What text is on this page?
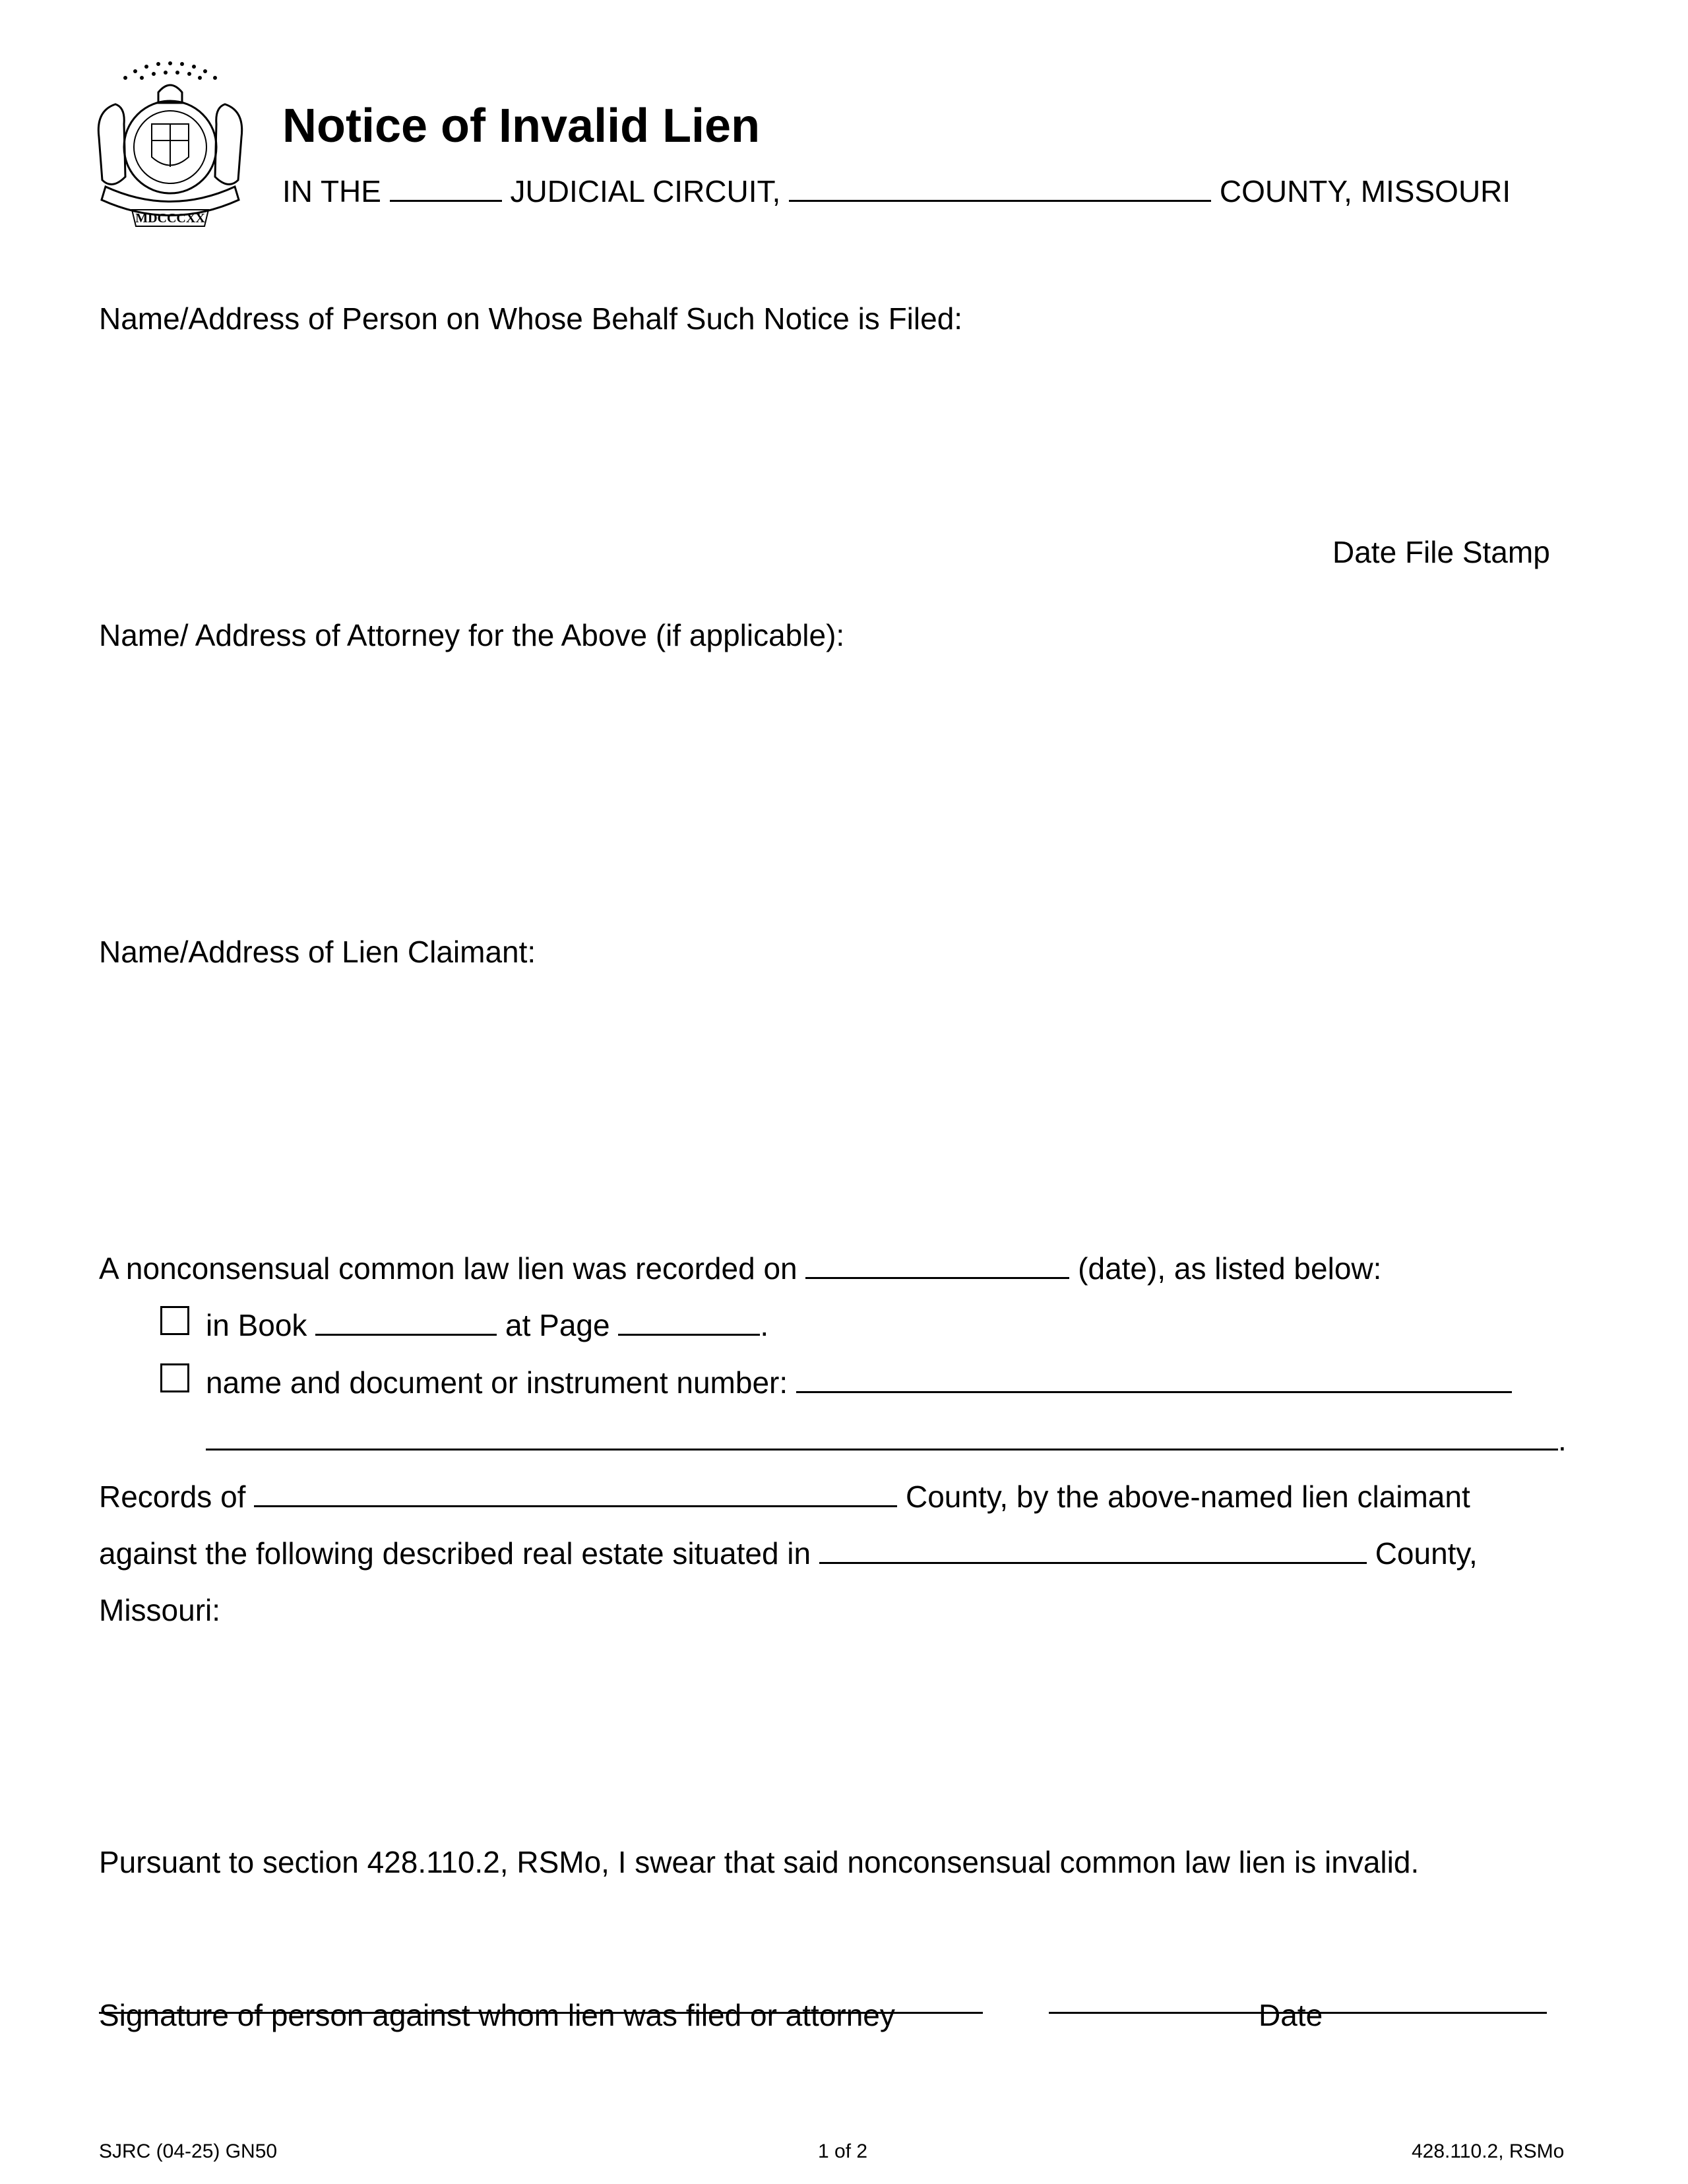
MDCCCXX
Notice of Invalid Lien
IN THE	JUDICIAL CIRCUIT,	COUNTY, MISSOURI
Name/Address of Person on Whose Behalf Such Notice is Filed:
Date File Stamp
Name/ Address of Attorney for the Above (if applicable):
Name/Address of Lien Claimant:
A nonconsensual common law lien was recorded on	(date), as listed below:
in Book	at Page	.
name and document or instrument number:
.
Records of	County, by the above-named lien claimant
against the following described real estate situated in	County,
Missouri:
Pursuant to section 428.110.2, RSMo, I swear that said nonconsensual common law lien is invalid.
Signature of person against whom lien was filed or attorney	Date
SJRC (04-25) GN50	1 of 2	428.110.2, RSMo
